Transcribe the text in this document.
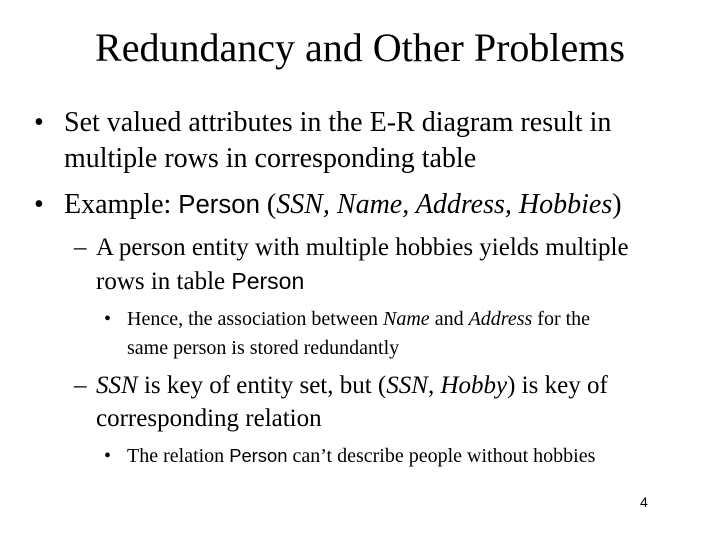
Redundancy and Other Problems
• Set valued attributes in the E-R diagram result in
multiple rows in corresponding table
• Example: Person (SSN, Name, Address, Hobbies)
– A person entity with multiple hobbies yields multiple
rows in table Person
• Hence, the association between Name and Address for the
same person is stored redundantly
– SSN is key of entity set, but (SSN, Hobby) is key of
corresponding relation
• The relation Person can’t describe people without hobbies
4
